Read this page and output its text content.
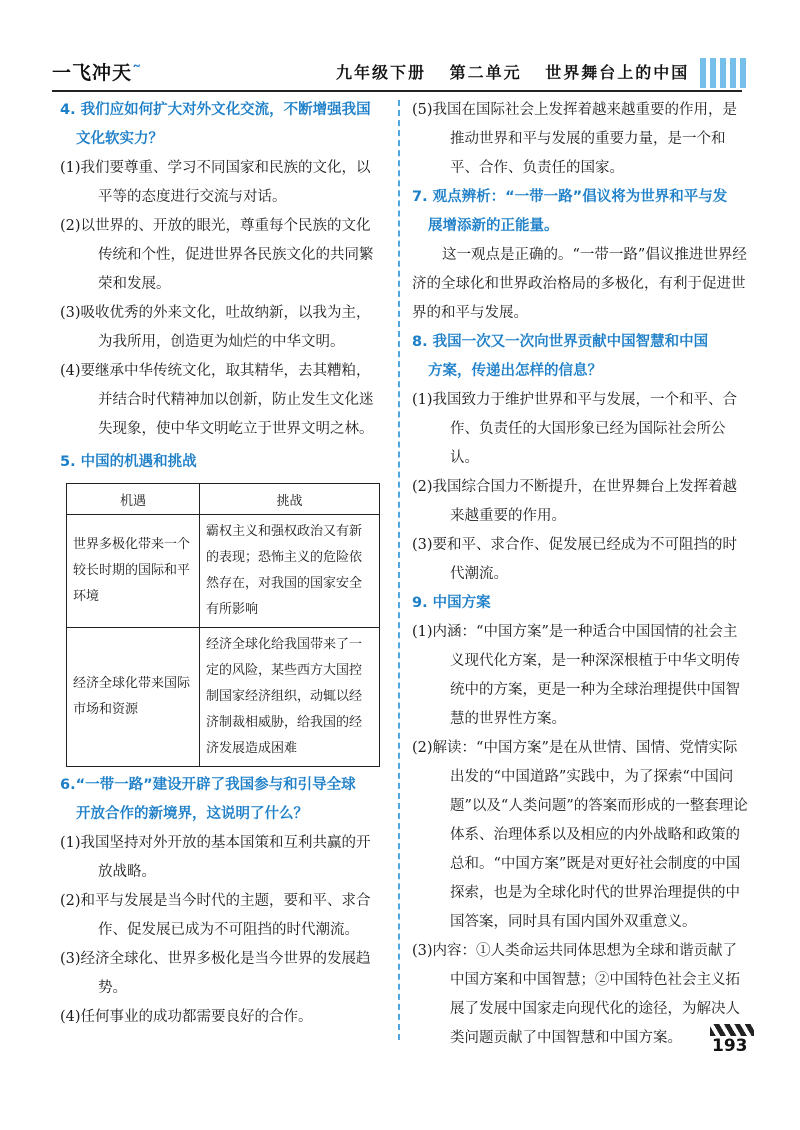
一飞冲天˜	九年级下册 第二单元 世界舞台上的中国

4. 我们应如何扩大对外文化交流，不断增强我国
文化软实力？

(1)我们要尊重、学习不同国家和民族的文化，以平等的态度进行交流与对话。

(2)以世界的、开放的眼光，尊重每个民族的文化传统和个性，促进世界各民族文化的共同繁荣和发展。

(3)吸收优秀的外来文化，吐故纳新，以我为主，为我所用，创造更为灿烂的中华文明。

(4)要继承中华传统文化，取其精华，去其糟粕，并结合时代精神加以创新，防止发生文化迷失现象，使中华文明屹立于世界文明之林。

5. 中国的机遇和挑战

机遇	挑战
世界多极化带来一个较长时期的国际和平环境	霸权主义和强权政治又有新的表现；恐怖主义的危险依然存在，对我国的国家安全有所影响
经济全球化带来国际市场和资源	经济全球化给我国带来了一定的风险，某些西方大国控制国家经济组织，动辄以经济制裁相威胁，给我国的经济发展造成困难

6.“一带一路”建设开辟了我国参与和引导全球
开放合作的新境界，这说明了什么？

(1)我国坚持对外开放的基本国策和互利共赢的开放战略。

(2)和平与发展是当今时代的主题，要和平、求合作、促发展已成为不可阻挡的时代潮流。

(3)经济全球化、世界多极化是当今世界的发展趋势。

(4)任何事业的成功都需要良好的合作。

(5)我国在国际社会上发挥着越来越重要的作用，是推动世界和平与发展的重要力量，是一个和平、合作、负责任的国家。

7. 观点辨析：“一带一路”倡议将为世界和平与发
展增添新的正能量。

这一观点是正确的。“一带一路”倡议推进世界经济的全球化和世界政治格局的多极化，有利于促进世界的和平与发展。

8. 我国一次又一次向世界贡献中国智慧和中国
方案，传递出怎样的信息？

(1)我国致力于维护世界和平与发展，一个和平、合作、负责任的大国形象已经为国际社会所公认。

(2)我国综合国力不断提升，在世界舞台上发挥着越来越重要的作用。

(3)要和平、求合作、促发展已经成为不可阻挡的时代潮流。

9. 中国方案

(1)内涵：“中国方案”是一种适合中国国情的社会主义现代化方案，是一种深深根植于中华文明传统中的方案，更是一种为全球治理提供中国智慧的世界性方案。

(2)解读：“中国方案”是在从世情、国情、党情实际出发的“中国道路”实践中，为了探索“中国问题”以及“人类问题”的答案而形成的一整套理论体系、治理体系以及相应的内外战略和政策的总和。“中国方案”既是对更好社会制度的中国探索，也是为全球化时代的世界治理提供的中国答案，同时具有国内国外双重意义。

(3)内容：①人类命运共同体思想为全球和谐贡献了中国方案和中国智慧；②中国特色社会主义拓展了发展中国家走向现代化的途径，为解决人类问题贡献了中国智慧和中国方案。	193
